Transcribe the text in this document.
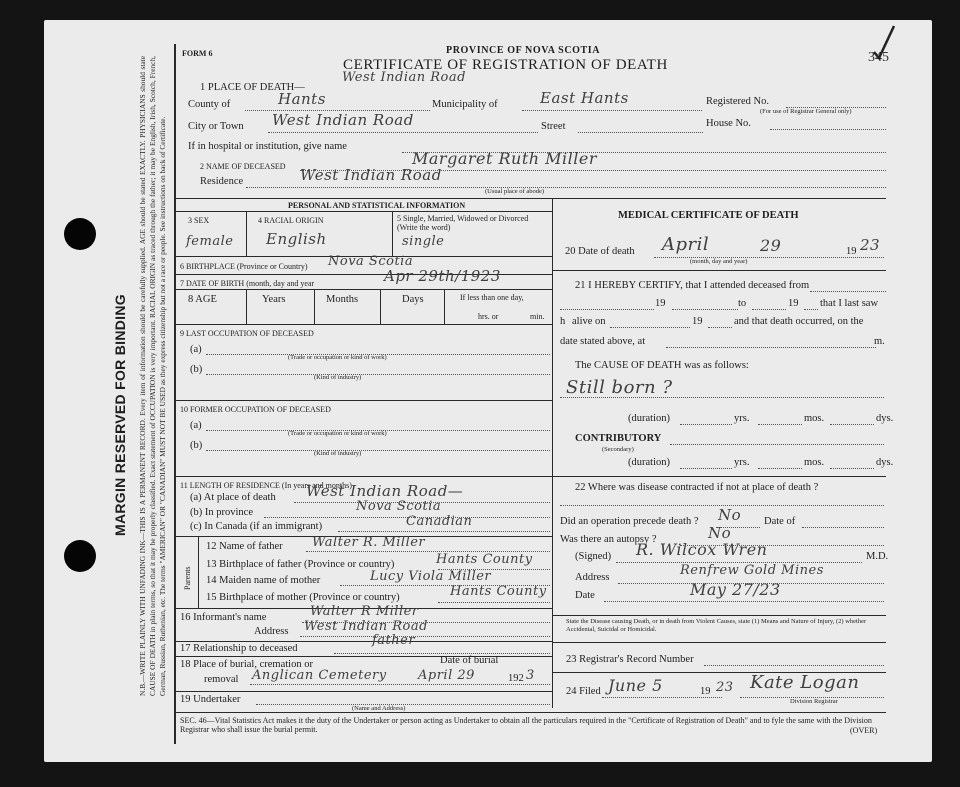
MARGIN RESERVED FOR BINDING N.B.—WRITE PLAINLY WITH UNFADING INK—THIS IS A PERMANENT RECORD. Every item of information should be carefully supplied. AGE should be stated EXACTLY. PHYSICIANS should state CAUSE OF DEATH in plain terms, so that it may be properly classified. Exact statement of OCCUPATION is very important. RACIAL ORIGIN as traced through the father; it may be English, Irish, Scotch, French, German, Russian, Ruthenian, etc. The terms "AMERICAN" OR "CANADIAN" MUST NOT BE USED as they express citizenship but not a race or people. See instructions on back of Certificate.
345
FORM 6	PROVINCE OF NOVA SCOTIA
CERTIFICATE OF REGISTRATION OF DEATH
1 PLACE OF DEATH—
West Indian Road
County of	Hants	Municipality of	East Hants	Registered No.
(For use of Registrar General only)
City or Town West Indian Road	Street	House No.
If in hospital or institution, give name
2 NAME OF DECEASED	Margaret Ruth Miller
Residence	West Indian Road
(Usual place of abode)
PERSONAL AND STATISTICAL INFORMATION
3 SEX
female
4 RACIAL ORIGIN
English
5 Single, Married, Widowed or Divorced (Write the word)
single
6 BIRTHPLACE (Province or Country) Nova Scotia
7 DATE OF BIRTH (month, day and year	Apr 29th/1923
8 AGE	Years	Months	Days	If less than one day,
hrs. or	min.
9 LAST OCCUPATION OF DECEASED
(a)
(Trade or occupation or kind of work)
(b)
(Kind of industry)
10 FORMER OCCUPATION OF DECEASED
(a)
(Trade or occupation or kind of work)
(b)
(Kind of industry)
11 LENGTH OF RESIDENCE (In years and months)
(a) At place of death West Indian Road—
(b) In province	Nova Scotia
(c) In Canada (if an immigrant)	Canadian
Parents
12 Name of father Walter R. Miller
13 Birthplace of father (Province or country)	Hants County
14 Maiden name of mother	Lucy Viola Miller
15 Birthplace of mother (Province or country)	Hants County
16 Informant's name	Walter R Miller
Address West Indian Road
17 Relationship to deceased
father
18 Place of burial, cremation or
removal Anglican Cemetery
Date of burial
April 29	192 3
19 Undertaker
(Name and Address)
MEDICAL CERTIFICATE OF DEATH
20 Date of death April	29	19 23
(month, day and year)
21 I HEREBY CERTIFY, that I attended deceased from
19	to	19 that I last saw
h alive on	19	and that death occurred, on the
date stated above, at	m.
The CAUSE OF DEATH was as follows:
Still born ?
(duration)	yrs.	mos.	dys.
CONTRIBUTORY
(Secondary)
(duration)	yrs.	mos.	dys.
22 Where was disease contracted if not at place of death ?
Did an operation precede death ? No Date of
Was there an autopsy ?	No
(Signed) R. Wilcox Wren	M.D.
Address	Renfrew Gold Mines
Date	May 27/23
State the Disease causing Death, or in death from Violent Causes, state (1) Means and Nature of Injury, (2) whether Accidental, Suicidal or Homicidal.
23 Registrar's Record Number
24 Filed June 5	19 23 Kate Logan
Division Registrar
SEC. 46—Vital Statistics Act makes it the duty of the Undertaker or person acting as Undertaker to obtain all the particulars required in the "Certificate of Registration of Death" and to fyle the same with the Division Registrar who shall issue the burial permit.	(OVER)
